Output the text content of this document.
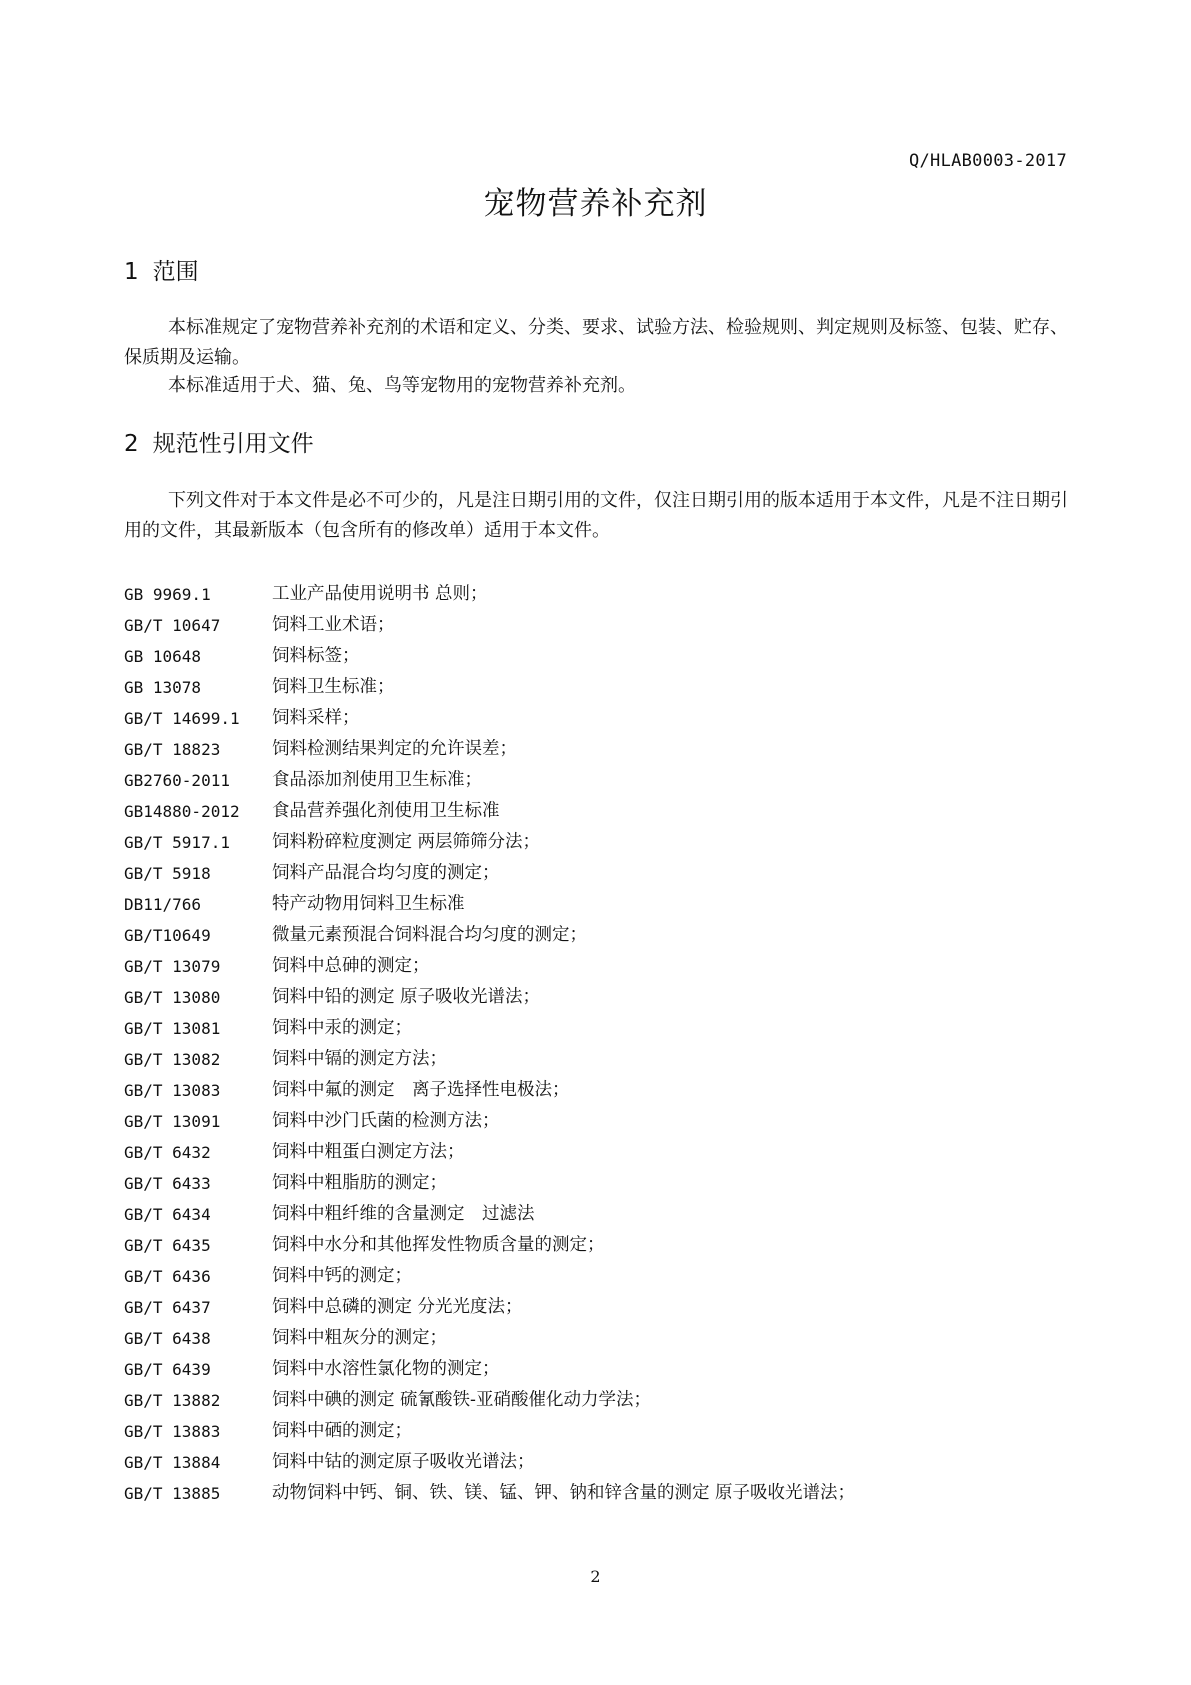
Q/HLAB0003-2017
宠物营养补充剂
1 范围

本标准规定了宠物营养补充剂的术语和定义、分类、要求、试验方法、检验规则、判定规则及标签、包装、贮存、保质期及运输。

本标准适用于犬、猫、兔、鸟等宠物用的宠物营养补充剂。

2 规范性引用文件

下列文件对于本文件是必不可少的，凡是注日期引用的文件，仅注日期引用的版本适用于本文件，凡是不注日期引用的文件，其最新版本（包含所有的修改单）适用于本文件。

GB 9969.1	工业产品使用说明书 总则；
GB/T 10647	饲料工业术语；
GB 10648	饲料标签；
GB 13078	饲料卫生标准；
GB/T 14699.1	饲料采样；
GB/T 18823	饲料检测结果判定的允许误差；
GB2760-2011	食品添加剂使用卫生标准；
GB14880-2012	食品营养强化剂使用卫生标准
GB/T 5917.1	饲料粉碎粒度测定 两层筛筛分法；
GB/T 5918	饲料产品混合均匀度的测定；
DB11/766	特产动物用饲料卫生标准
GB/T10649	微量元素预混合饲料混合均匀度的测定；
GB/T 13079	饲料中总砷的测定；
GB/T 13080	饲料中铅的测定 原子吸收光谱法；
GB/T 13081	饲料中汞的测定；
GB/T 13082	饲料中镉的测定方法；
GB/T 13083	饲料中氟的测定　离子选择性电极法；
GB/T 13091	饲料中沙门氏菌的检测方法；
GB/T 6432	饲料中粗蛋白测定方法；
GB/T 6433	饲料中粗脂肪的测定；
GB/T 6434	饲料中粗纤维的含量测定　过滤法
GB/T 6435	饲料中水分和其他挥发性物质含量的测定；
GB/T 6436	饲料中钙的测定；
GB/T 6437	饲料中总磷的测定 分光光度法；
GB/T 6438	饲料中粗灰分的测定；
GB/T 6439	饲料中水溶性氯化物的测定；
GB/T 13882	饲料中碘的测定 硫氰酸铁-亚硝酸催化动力学法；
GB/T 13883	饲料中硒的测定；
GB/T 13884	饲料中钴的测定原子吸收光谱法；
GB/T 13885	动物饲料中钙、铜、铁、镁、锰、钾、钠和锌含量的测定 原子吸收光谱法；
2
